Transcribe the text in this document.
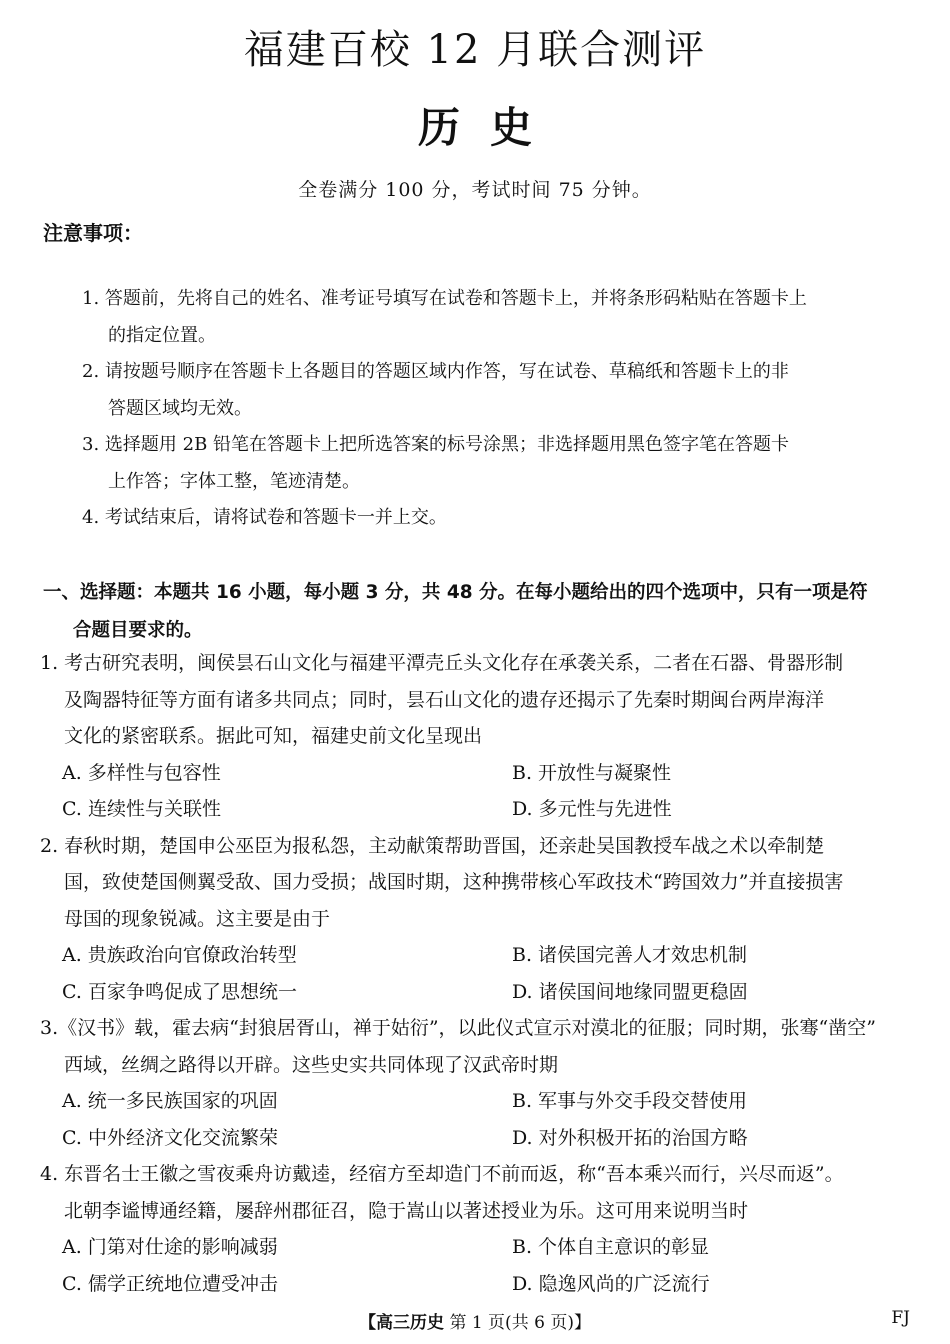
福建百校 12 月联合测评
历史
全卷满分 100 分，考试时间 75 分钟。
注意事项：
1. 答题前，先将自己的姓名、准考证号填写在试卷和答题卡上，并将条形码粘贴在答题卡上
的指定位置。
2. 请按题号顺序在答题卡上各题目的答题区域内作答，写在试卷、草稿纸和答题卡上的非
答题区域均无效。
3. 选择题用 2B 铅笔在答题卡上把所选答案的标号涂黑；非选择题用黑色签字笔在答题卡
上作答；字体工整，笔迹清楚。
4. 考试结束后，请将试卷和答题卡一并上交。
一、选择题：本题共 16 小题，每小题 3 分，共 48 分。在每小题给出的四个选项中，只有一项是符
合题目要求的。
1. 考古研究表明，闽侯昙石山文化与福建平潭壳丘头文化存在承袭关系，二者在石器、骨器形制
及陶器特征等方面有诸多共同点；同时，昙石山文化的遗存还揭示了先秦时期闽台两岸海洋
文化的紧密联系。据此可知，福建史前文化呈现出
A. 多样性与包容性	B. 开放性与凝聚性
C. 连续性与关联性	D. 多元性与先进性
2. 春秋时期，楚国申公巫臣为报私怨，主动献策帮助晋国，还亲赴吴国教授车战之术以牵制楚
国，致使楚国侧翼受敌、国力受损；战国时期，这种携带核心军政技术“跨国效力”并直接损害
母国的现象锐减。这主要是由于
A. 贵族政治向官僚政治转型	B. 诸侯国完善人才效忠机制
C. 百家争鸣促成了思想统一	D. 诸侯国间地缘同盟更稳固
3.《汉书》载，霍去病“封狼居胥山，禅于姑衍”，以此仪式宣示对漠北的征服；同时期，张骞“凿空”
西域，丝绸之路得以开辟。这些史实共同体现了汉武帝时期
A. 统一多民族国家的巩固	B. 军事与外交手段交替使用
C. 中外经济文化交流繁荣	D. 对外积极开拓的治国方略
4. 东晋名士王徽之雪夜乘舟访戴逵，经宿方至却造门不前而返，称“吾本乘兴而行，兴尽而返”。
北朝李谧博通经籍，屡辞州郡征召，隐于嵩山以著述授业为乐。这可用来说明当时
A. 门第对仕途的影响减弱	B. 个体自主意识的彰显
C. 儒学正统地位遭受冲击	D. 隐逸风尚的广泛流行
【高三历史 第 1 页(共 6 页)】	FJ
